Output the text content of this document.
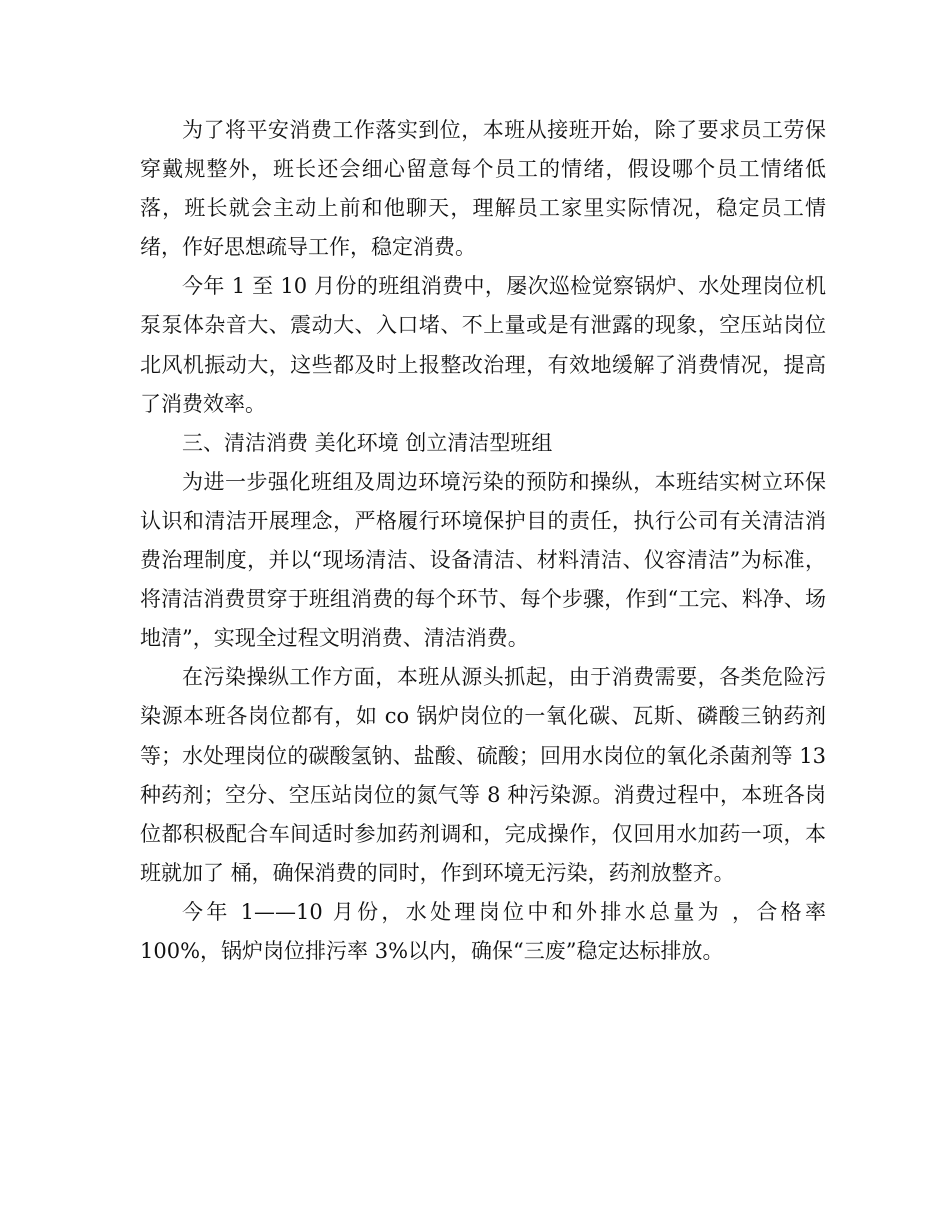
为了将平安消费工作落实到位，本班从接班开始，除了要求员工劳保穿戴规整外，班长还会细心留意每个员工的情绪，假设哪个员工情绪低落，班长就会主动上前和他聊天，理解员工家里实际情况，稳定员工情绪，作好思想疏导工作，稳定消费。

今年 1 至 10 月份的班组消费中，屡次巡检觉察锅炉、水处理岗位机泵泵体杂音大、震动大、入口堵、不上量或是有泄露的现象，空压站岗位北风机振动大，这些都及时上报整改治理，有效地缓解了消费情况，提高了消费效率。

三、清洁消费 美化环境 创立清洁型班组

为进一步强化班组及周边环境污染的预防和操纵，本班结实树立环保认识和清洁开展理念，严格履行环境保护目的责任，执行公司有关清洁消费治理制度，并以“现场清洁、设备清洁、材料清洁、仪容清洁”为标准，将清洁消费贯穿于班组消费的每个环节、每个步骤，作到“工完、料净、场地清”，实现全过程文明消费、清洁消费。

在污染操纵工作方面，本班从源头抓起，由于消费需要，各类危险污染源本班各岗位都有，如 co 锅炉岗位的一氧化碳、瓦斯、磷酸三钠药剂等；水处理岗位的碳酸氢钠、盐酸、硫酸；回用水岗位的氧化杀菌剂等 13 种药剂；空分、空压站岗位的氮气等 8 种污染源。消费过程中，本班各岗位都积极配合车间适时参加药剂调和，完成操作，仅回用水加药一项，本班就加了 桶，确保消费的同时，作到环境无污染，药剂放整齐。

今年 1——10 月份，水处理岗位中和外排水总量为 ，合格率 100%，锅炉岗位排污率 3%以内，确保“三废”稳定达标排放。
